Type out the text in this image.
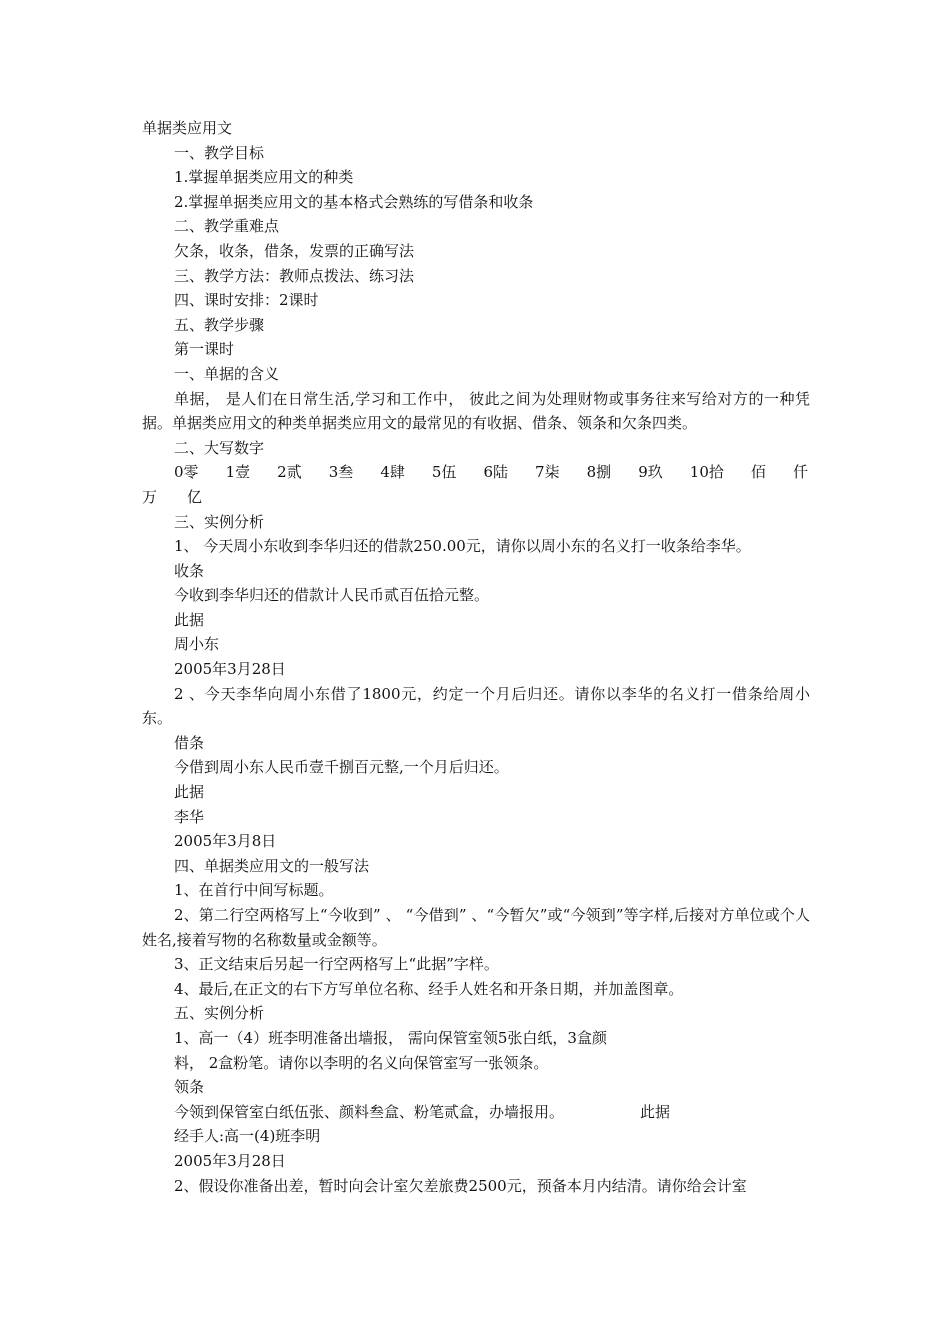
单据类应用文

一、教学目标

1.掌握单据类应用文的种类

2.掌握单据类应用文的基本格式会熟练的写借条和收条

二、教学重难点

欠条，收条，借条，发票的正确写法

三、教学方法：教师点拨法、练习法

四、课时安排：2课时

五、教学步骤

第一课时

一、单据的含义

单据， 是人们在日常生活,学习和工作中， 彼此之间为处理财物或事务往来写给对方的一种凭据。单据类应用文的种类单据类应用文的最常见的有收据、借条、领条和欠条四类。

二、大写数字

0零 1壹 2贰 3叁 4肆 5伍 6陆 7柒 8捌 9玖 10拾 佰 仟
万 亿

三、实例分析

1、 今天周小东收到李华归还的借款250.00元，请你以周小东的名义打一收条给李华。

收条

今收到李华归还的借款计人民币贰百伍拾元整。

此据

周小东

2005年3月28日

2 、今天李华向周小东借了1800元，约定一个月后归还。请你以李华的名义打一借条给周小东。

借条

今借到周小东人民币壹千捌百元整,一个月后归还。

此据

李华

2005年3月8日

四、单据类应用文的一般写法

1、在首行中间写标题。

2、第二行空两格写上“今收到” 、 “今借到” 、“今暂欠”或“今领到”等字样,后接对方单位或个人姓名,接着写物的名称数量或金额等。

3、正文结束后另起一行空两格写上“此据”字样。

4、最后,在正文的右下方写单位名称、经手人姓名和开条日期，并加盖图章。

五、实例分析

1、高一（4）班李明准备出墙报， 需向保管室领5张白纸，3盒颜

料， 2盒粉笔。请你以李明的名义向保管室写一张领条。

领条

今领到保管室白纸伍张、颜料叁盒、粉笔贰盒，办墙报用。	此据

经手人:高一(4)班李明

2005年3月28日

2、假设你准备出差，暂时向会计室欠差旅费2500元，预备本月内结清。请你给会计室
